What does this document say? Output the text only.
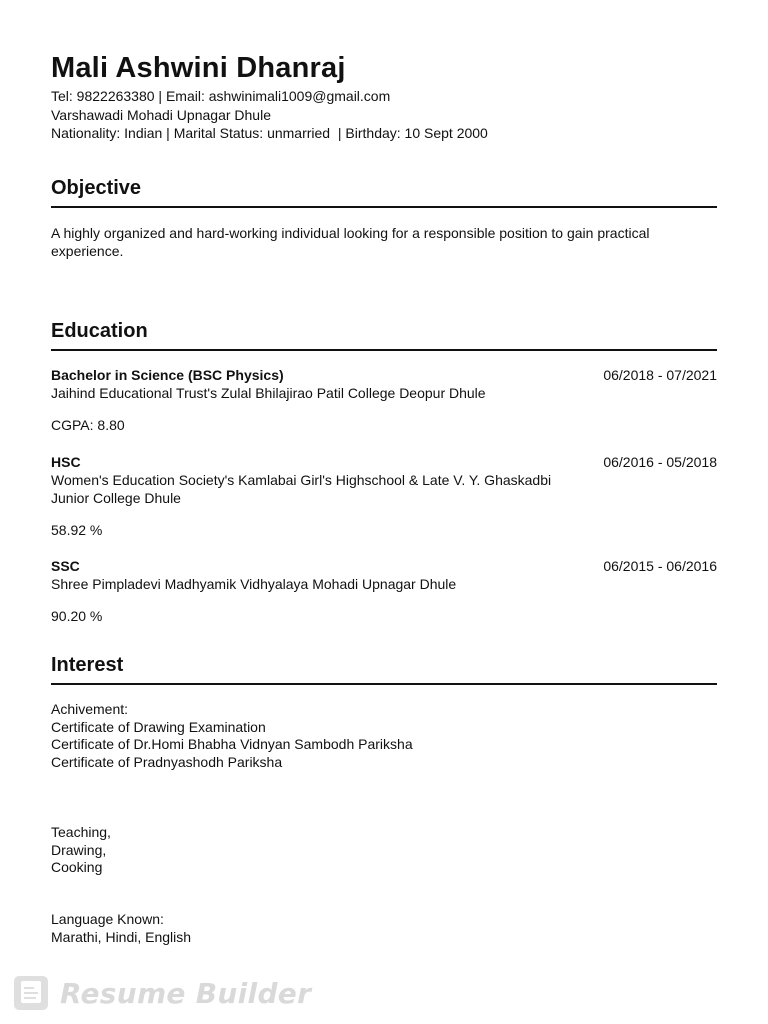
Mali Ashwini Dhanraj

Tel: 9822263380 | Email: ashwinimali1009@gmail.com

Varshawadi Mohadi Upnagar Dhule

Nationality: Indian | Marital Status: unmarried  | Birthday: 10 Sept 2000

Objective

A highly organized and hard-working individual looking for a responsible position to gain practical experience.

Education

Bachelor in Science (BSC Physics)	06/2018 - 07/2021

Jaihind Educational Trust's Zulal Bhilajirao Patil College Deopur Dhule

CGPA: 8.80

HSC	06/2016 - 05/2018

Women's Education Society's Kamlabai Girl's Highschool & Late V. Y. Ghaskadbi Junior College Dhule

58.92 %

SSC	06/2015 - 06/2016

Shree Pimpladevi Madhyamik Vidhyalaya Mohadi Upnagar Dhule

90.20 %

Interest
Achivement:
Certificate of Drawing Examination
Certificate of Dr.Homi Bhabha Vidnyan Sambodh Pariksha
Certificate of Pradnyashodh Pariksha
Teaching,
Drawing,
Cooking
Language Known:
Marathi, Hindi, English
Resume Builder
